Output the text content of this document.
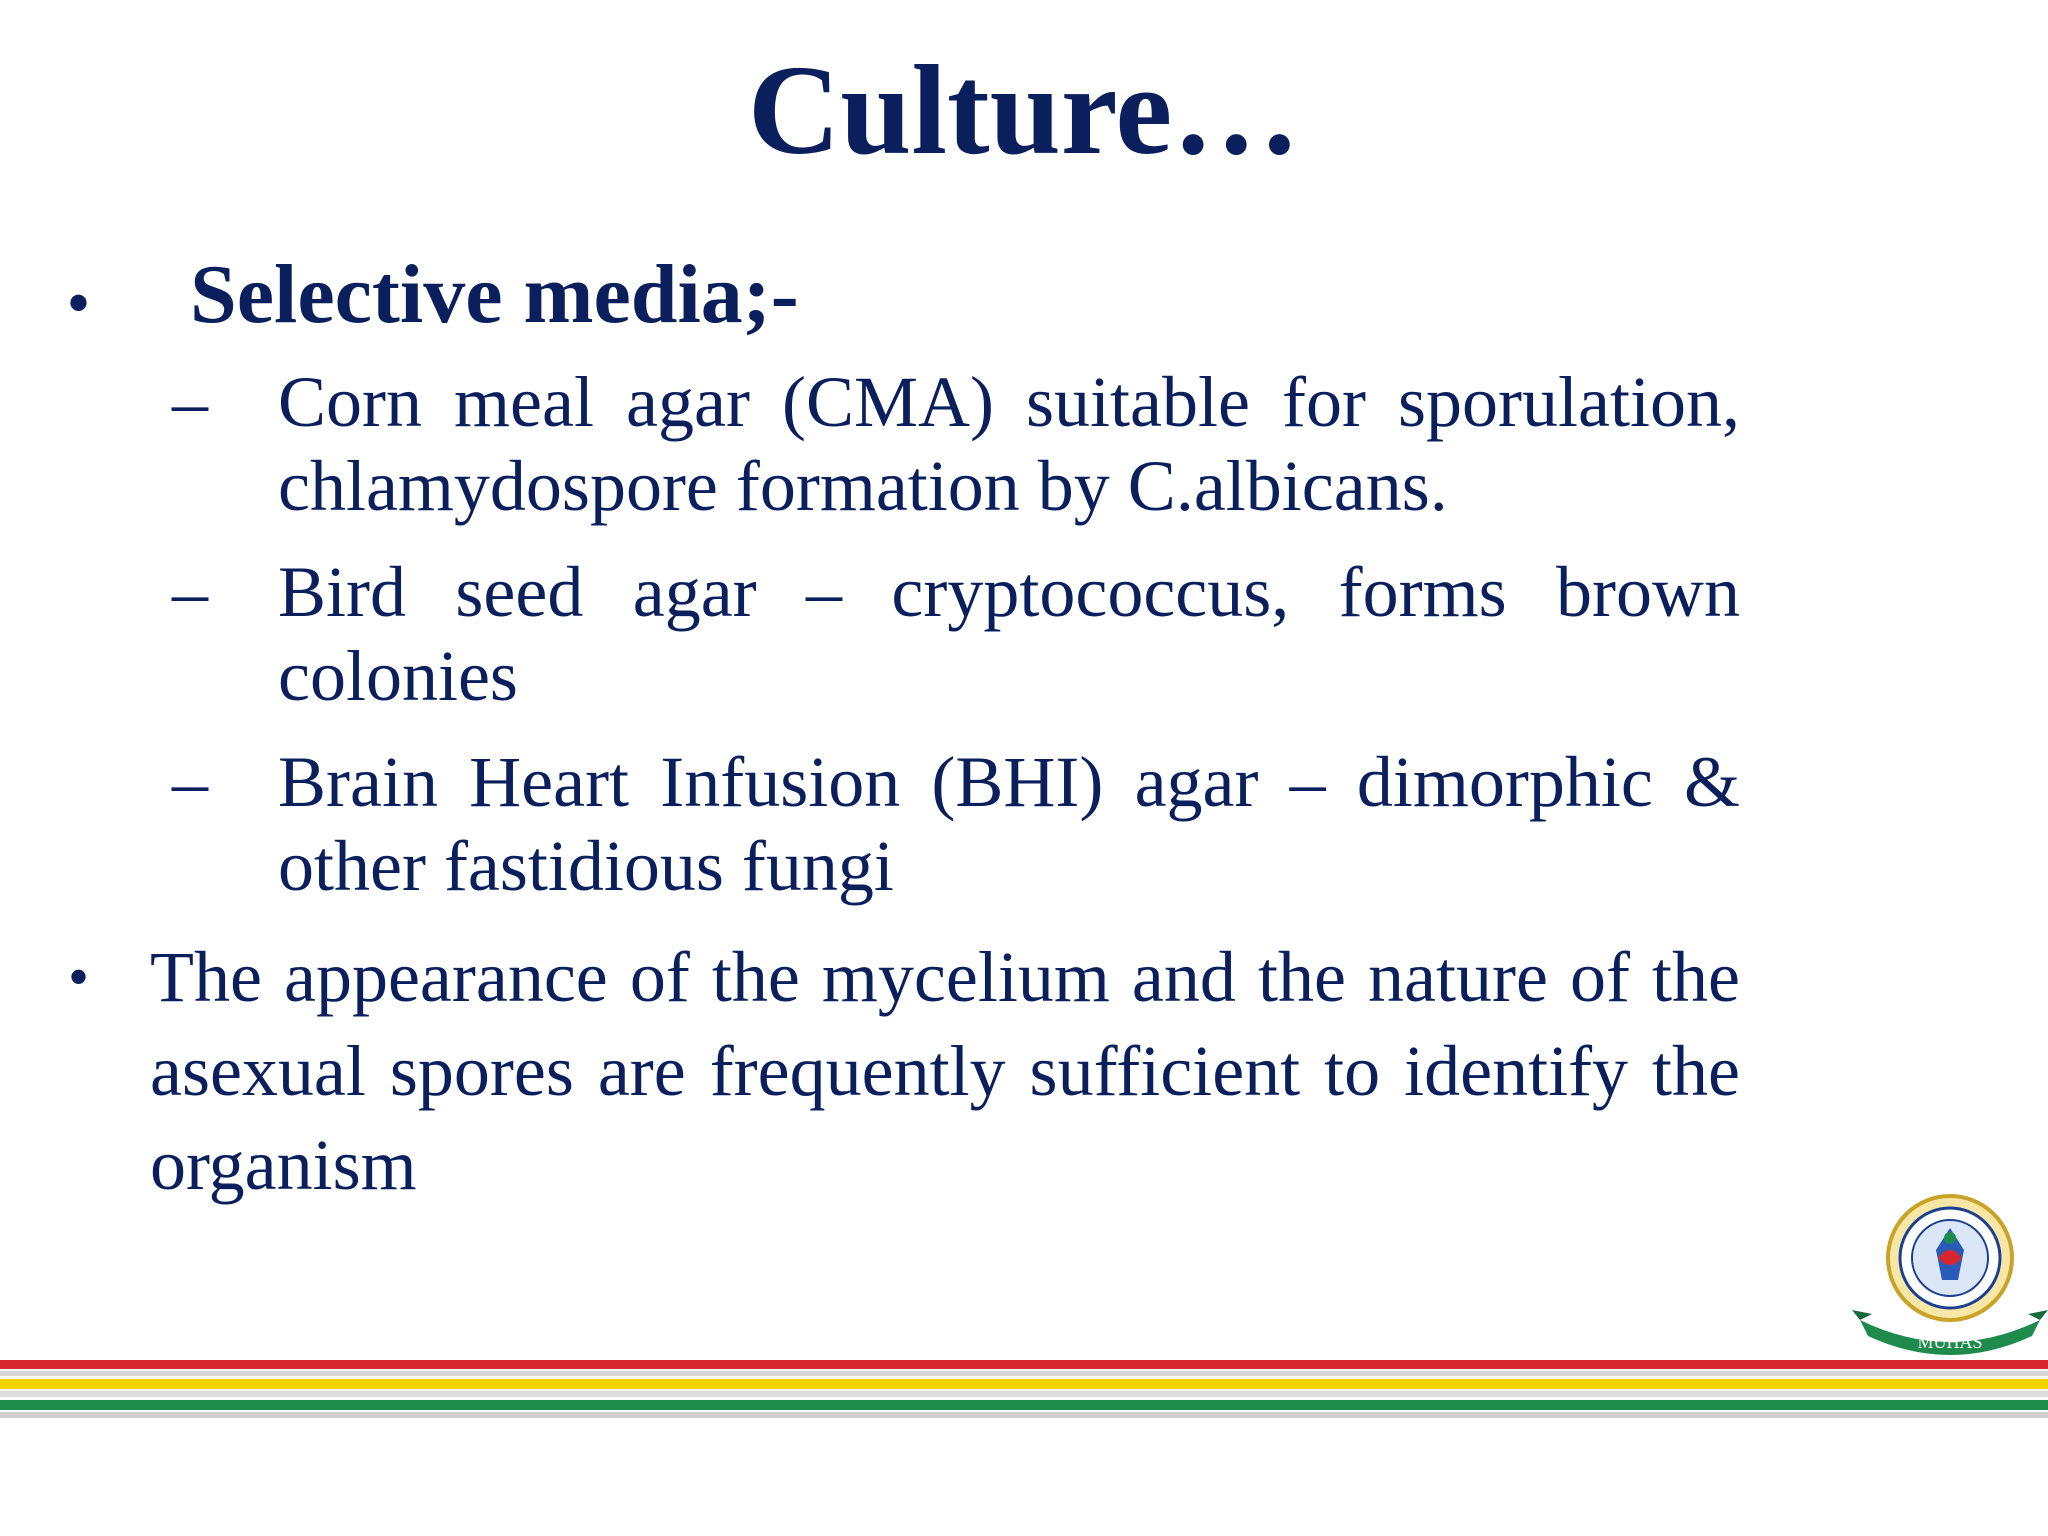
Culture…
• Selective media;-
– Corn meal agar (CMA) suitable for sporulation, chlamydospore formation by C.albicans.
– Bird seed agar – cryptococcus, forms brown colonies
– Brain Heart Infusion (BHI) agar – dimorphic & other fastidious fungi
• The appearance of the mycelium and the nature of the asexual spores are frequently sufficient to identify the organism
MUHAS
